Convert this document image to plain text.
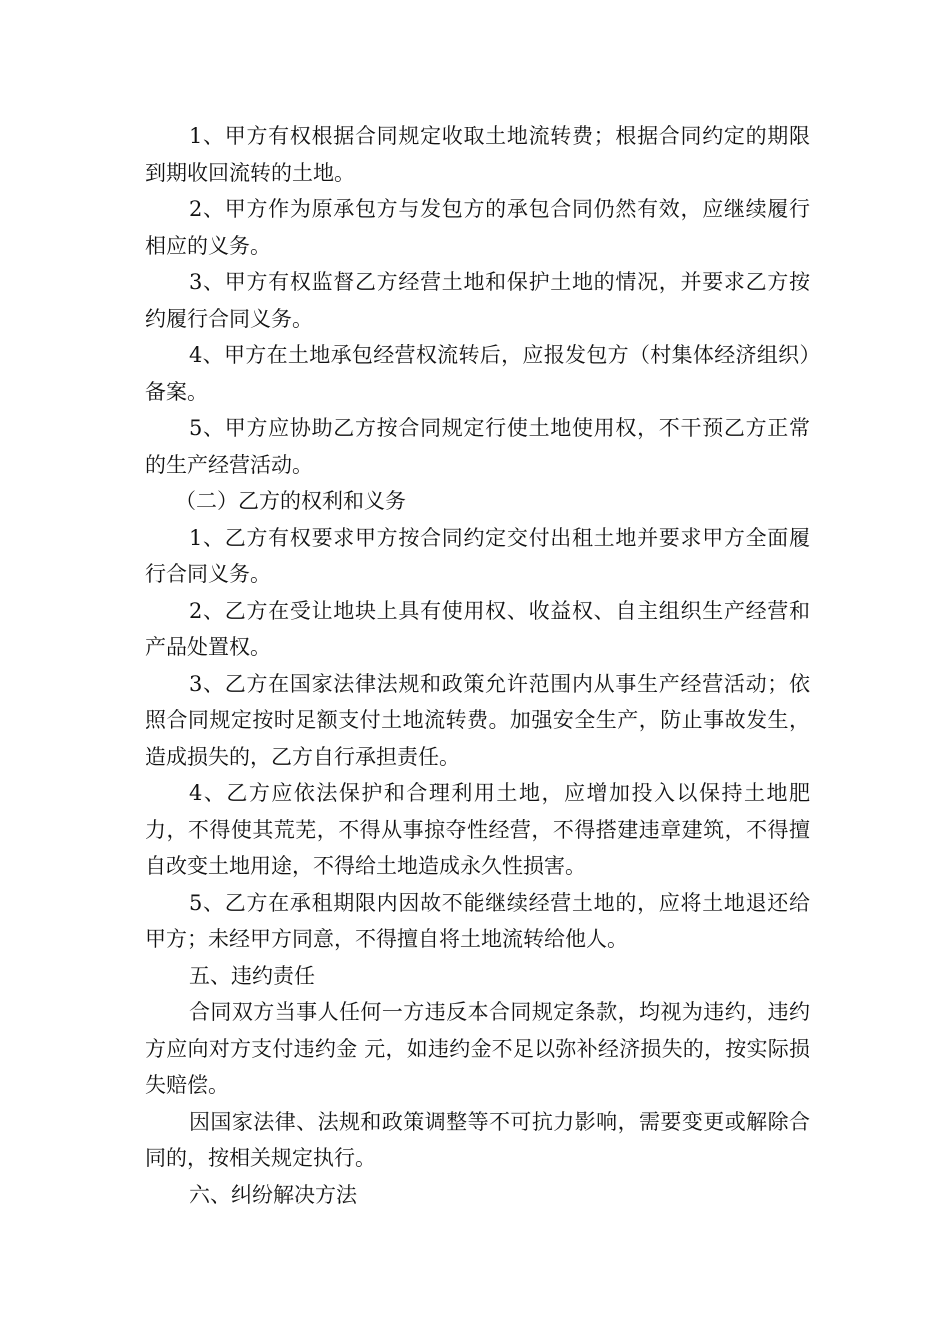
1、甲方有权根据合同规定收取土地流转费；根据合同约定的期限到期收回流转的土地。

2、甲方作为原承包方与发包方的承包合同仍然有效，应继续履行相应的义务。

3、甲方有权监督乙方经营土地和保护土地的情况，并要求乙方按约履行合同义务。

4、甲方在土地承包经营权流转后，应报发包方（村集体经济组织）备案。

5、甲方应协助乙方按合同规定行使土地使用权，不干预乙方正常的生产经营活动。

（二）乙方的权利和义务

1、乙方有权要求甲方按合同约定交付出租土地并要求甲方全面履行合同义务。

2、乙方在受让地块上具有使用权、收益权、自主组织生产经营和产品处置权。

3、乙方在国家法律法规和政策允许范围内从事生产经营活动；依照合同规定按时足额支付土地流转费。加强安全生产，防止事故发生，造成损失的，乙方自行承担责任。

4、乙方应依法保护和合理利用土地，应增加投入以保持土地肥力，不得使其荒芜，不得从事掠夺性经营，不得搭建违章建筑，不得擅自改变土地用途，不得给土地造成永久性损害。

5、乙方在承租期限内因故不能继续经营土地的，应将土地退还给甲方；未经甲方同意，不得擅自将土地流转给他人。

五、违约责任

合同双方当事人任何一方违反本合同规定条款，均视为违约，违约方应向对方支付违约金 元，如违约金不足以弥补经济损失的，按实际损失赔偿。

因国家法律、法规和政策调整等不可抗力影响，需要变更或解除合同的，按相关规定执行。

六、纠纷解决方法
